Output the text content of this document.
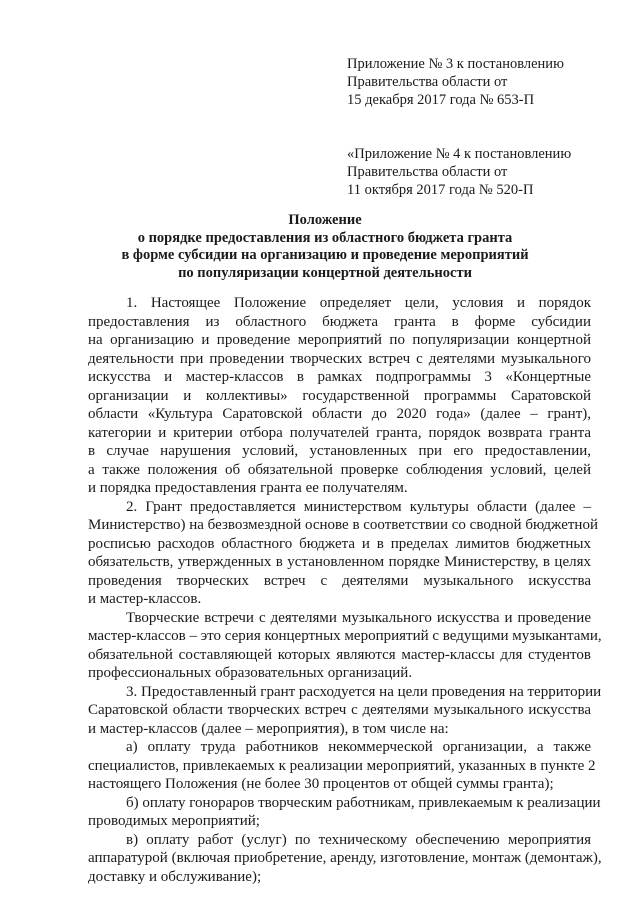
Приложение № 3 к постановлению
Правительства области от
15 декабря 2017 года № 653-П
«Приложение № 4 к постановлению
Правительства области от
11 октября 2017 года № 520-П
Положение
о порядке предоставления из областного бюджета гранта
в форме субсидии на организацию и проведение мероприятий
по популяризации концертной деятельности

1. Настоящее Положение определяет цели, условия и порядок
предоставления из областного бюджета гранта в форме субсидии
на организацию и проведение мероприятий по популяризации концертной
деятельности при проведении творческих встреч с деятелями музыкального
искусства и мастер-классов в рамках подпрограммы 3 «Концертные
организации и коллективы» государственной программы Саратовской
области «Культура Саратовской области до 2020 года» (далее – грант),
категории и критерии отбора получателей гранта, порядок возврата гранта
в случае нарушения условий, установленных при его предоставлении,
а также положения об обязательной проверке соблюдения условий, целей
и порядка предоставления гранта ее получателям.

2. Грант предоставляется министерством культуры области (далее –
Министерство) на безвозмездной основе в соответствии со сводной бюджетной
росписью расходов областного бюджета и в пределах лимитов бюджетных
обязательств, утвержденных в установленном порядке Министерству, в целях
проведения творческих встреч с деятелями музыкального искусства
и мастер-классов.

Творческие встречи с деятелями музыкального искусства и проведение
мастер-классов – это серия концертных мероприятий с ведущими музыкантами,
обязательной составляющей которых являются мастер-классы для студентов
профессиональных образовательных организаций.

3. Предоставленный грант расходуется на цели проведения на территории
Саратовской области творческих встреч с деятелями музыкального искусства
и мастер-классов (далее – мероприятия), в том числе на:

а) оплату труда работников некоммерческой организации, а также
специалистов, привлекаемых к реализации мероприятий, указанных в пункте 2
настоящего Положения (не более 30 процентов от общей суммы гранта);

б) оплату гонораров творческим работникам, привлекаемым к реализации
проводимых мероприятий;

в) оплату работ (услуг) по техническому обеспечению мероприятия
аппаратурой (включая приобретение, аренду, изготовление, монтаж (демонтаж),
доставку и обслуживание);
